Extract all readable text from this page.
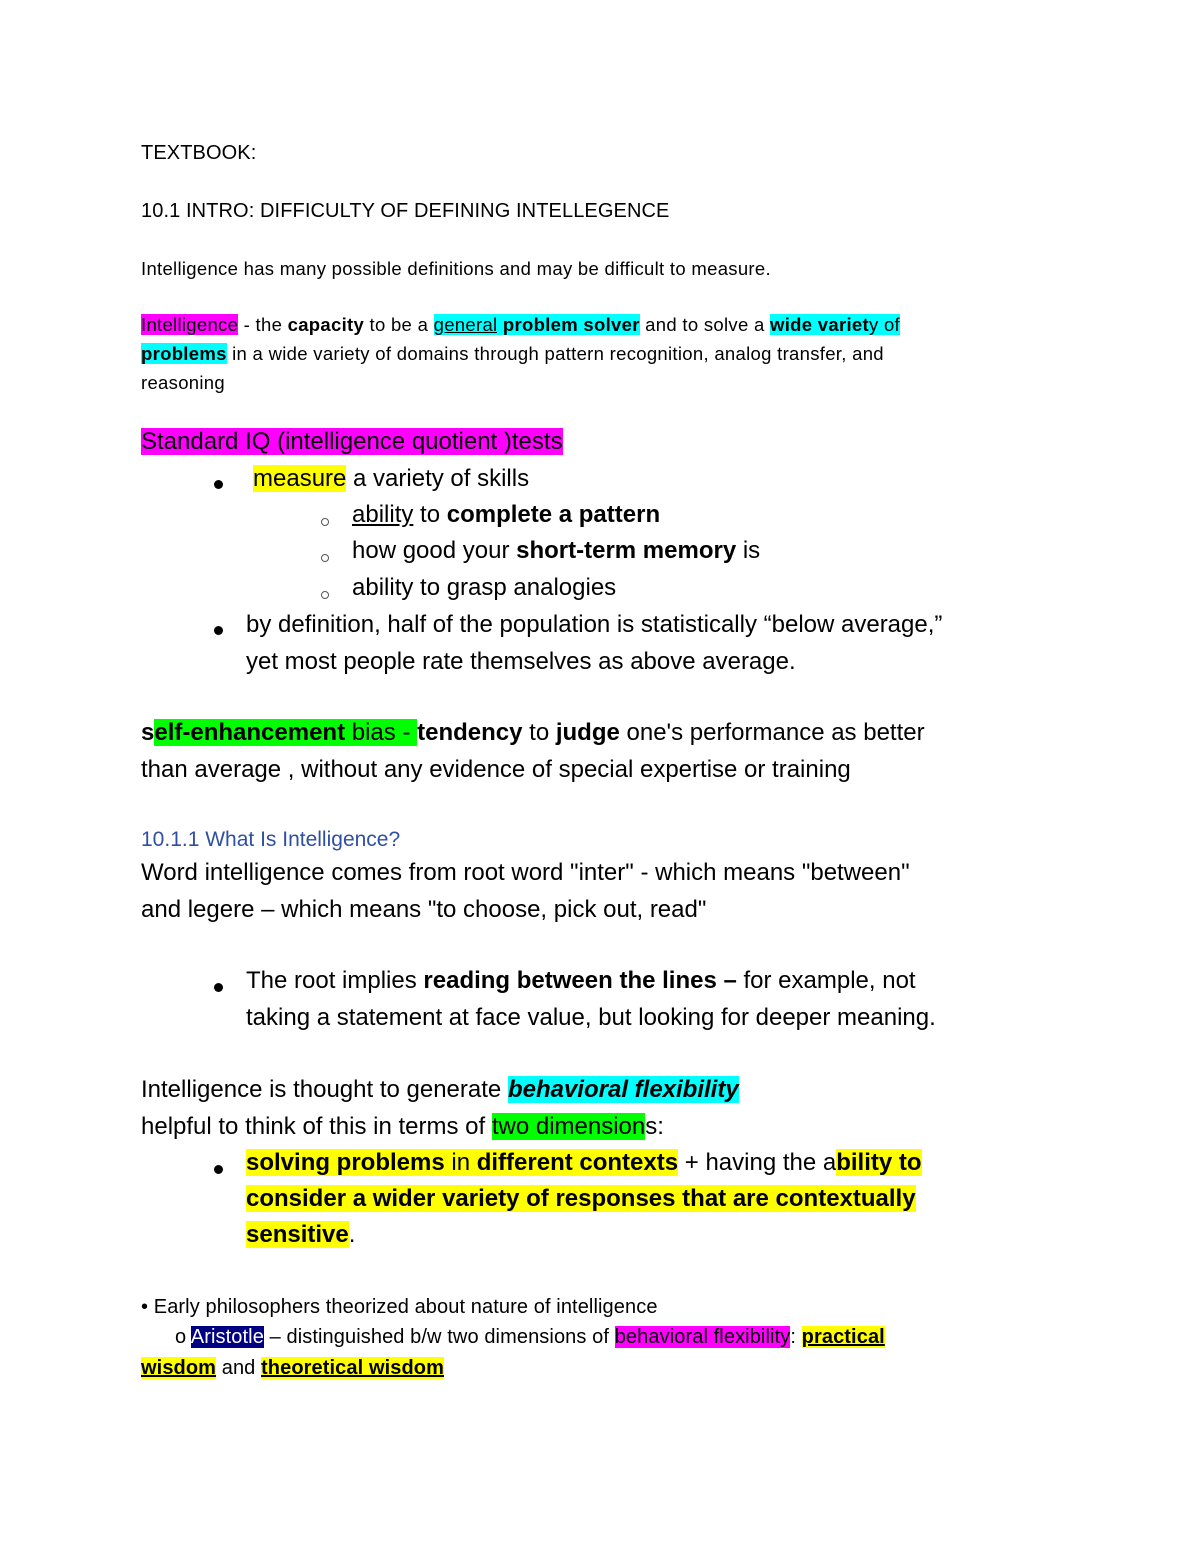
TEXTBOOK:
10.1 INTRO: DIFFICULTY OF DEFINING INTELLEGENCE
Intelligence has many possible definitions and may be difficult to measure.
Intelligence - the capacity to be a general problem solver and to solve a wide variety of
problems in a wide variety of domains through pattern recognition, analog transfer, and
reasoning
Standard IQ (intelligence quotient )tests
measure a variety of skills
ability to complete a pattern
how good your short-term memory is
ability to grasp analogies
by definition, half of the population is statistically “below average,”
yet most people rate themselves as above average.
self-enhancement bias - tendency to judge one's performance as better
than average , without any evidence of special expertise or training
10.1.1 What Is Intelligence?
Word intelligence comes from root word "inter" - which means "between"
and legere – which means "to choose, pick out, read"
The root implies reading between the lines – for example, not
taking a statement at face value, but looking for deeper meaning.
Intelligence is thought to generate behavioral flexibility
helpful to think of this in terms of two dimensions:
solving problems in different contexts + having the ability to
consider a wider variety of responses that are contextually
sensitive.
• Early philosophers theorized about nature of intelligence
o Aristotle – distinguished b/w two dimensions of behavioral flexibility: practical
wisdom and theoretical wisdom
